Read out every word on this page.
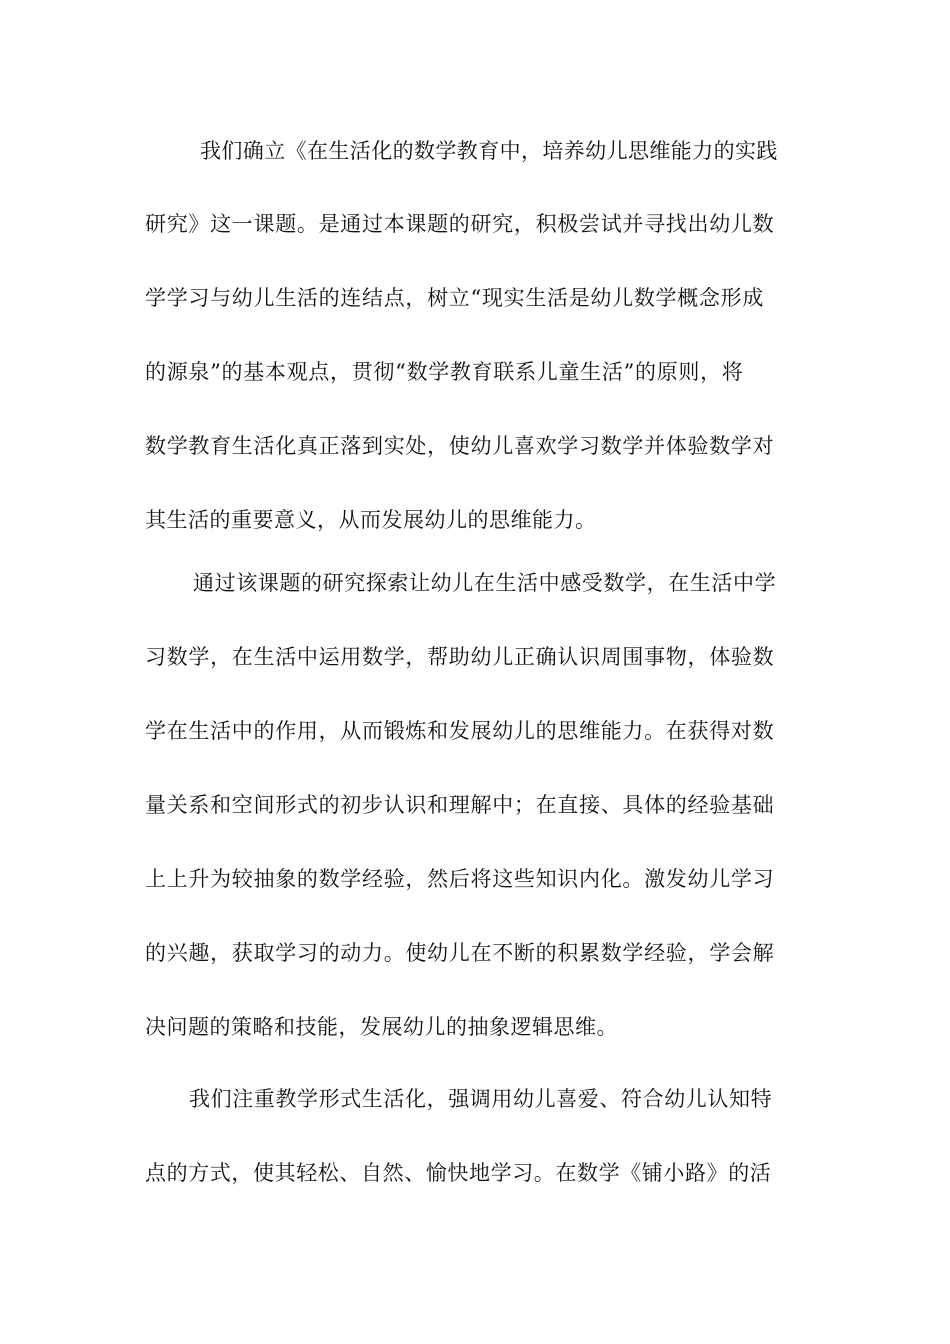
我们确立《在生活化的数学教育中，培养幼儿思维能力的实践
研究》这一课题。是通过本课题的研究，积极尝试并寻找出幼儿数
学学习与幼儿生活的连结点，树立“现实生活是幼儿数学概念形成
的源泉”的基本观点，贯彻“数学教育联系儿童生活”的原则，将
数学教育生活化真正落到实处，使幼儿喜欢学习数学并体验数学对
其生活的重要意义，从而发展幼儿的思维能力。
通过该课题的研究探索让幼儿在生活中感受数学，在生活中学
习数学，在生活中运用数学，帮助幼儿正确认识周围事物，体验数
学在生活中的作用，从而锻炼和发展幼儿的思维能力。在获得对数
量关系和空间形式的初步认识和理解中；在直接、具体的经验基础
上上升为较抽象的数学经验，然后将这些知识内化。激发幼儿学习
的兴趣，获取学习的动力。使幼儿在不断的积累数学经验，学会解
决问题的策略和技能，发展幼儿的抽象逻辑思维。
我们注重教学形式生活化，强调用幼儿喜爱、符合幼儿认知特
点的方式，使其轻松、自然、愉快地学习。在数学《铺小路》的活
